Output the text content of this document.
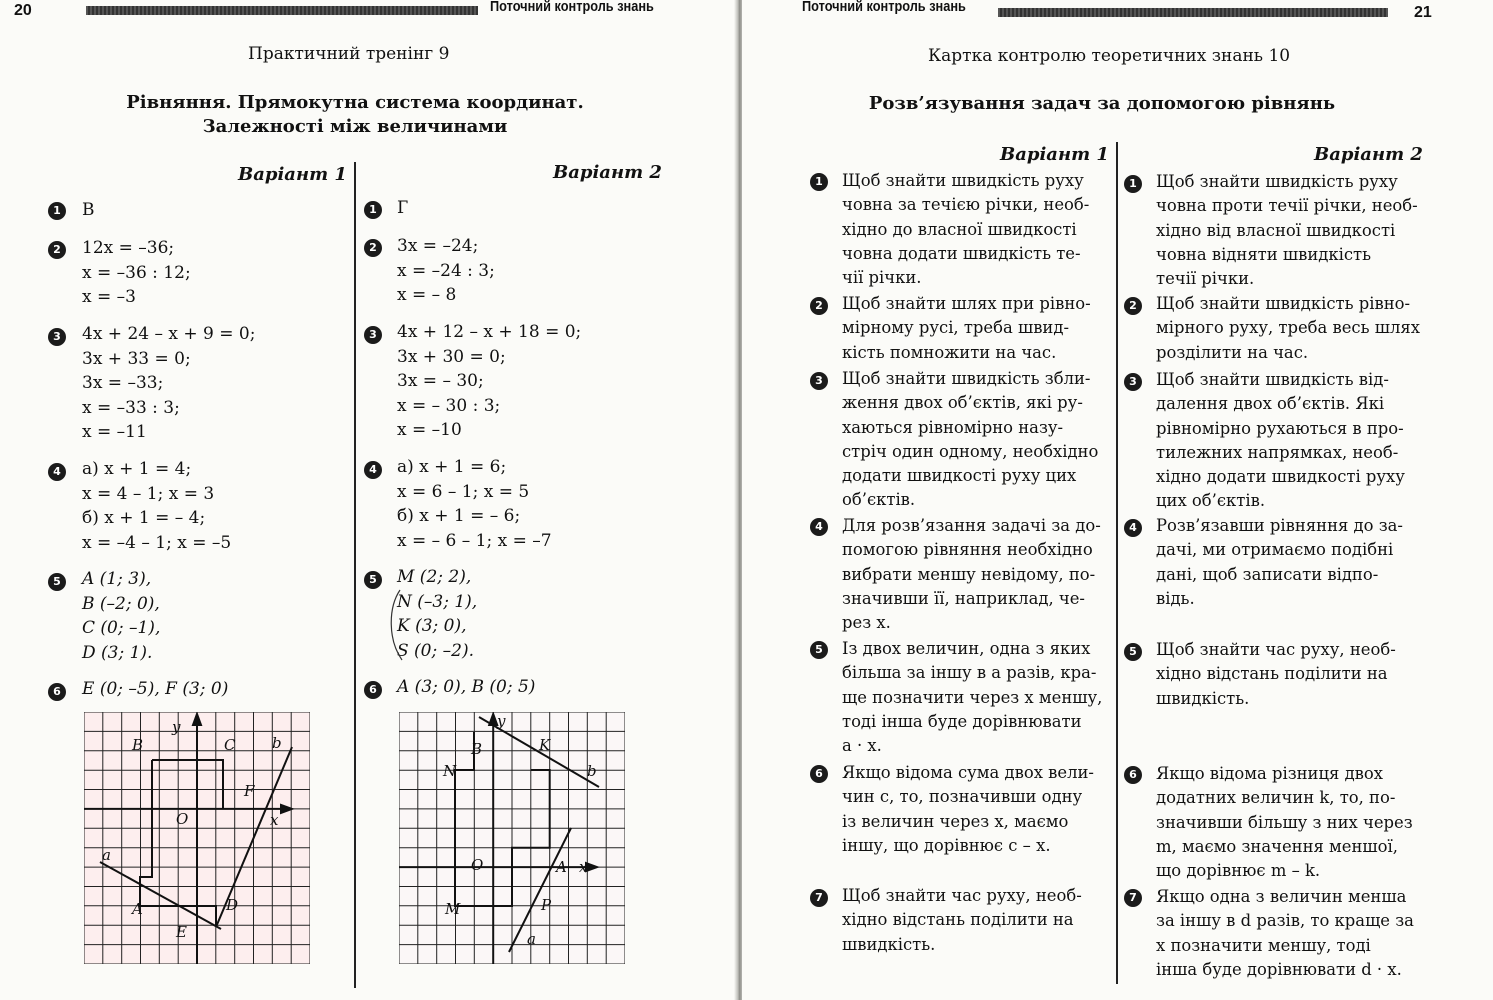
20	Поточний контроль знань
Практичний тренінг 9
Рівняння. Прямокутна система координат.
Залежності між величинами
Варіант 1	Варіант 2
1	В
2	12x = –36;
x = –36 : 12;
x = –3
3	4x + 24 – x + 9 = 0;
3x + 33 = 0;
3x = –33;
x = –33 : 3;
x = –11
4	а) x + 1 = 4;
x = 4 – 1; x = 3
б) x + 1 = – 4;
x = –4 – 1; x = –5
5	A (1; 3),
B (–2; 0),
C (0; –1),
D (3; 1).
6	E (0; –5), F (3; 0)
y
x
O
b
a
B	C
F
A	D
E
1	Г
2	3x = –24;
x = –24 : 3;
x = – 8
3	4x + 12 – x + 18 = 0;
3x + 30 = 0;
3x = – 30;
x = – 30 : 3;
x = –10
4	а) x + 1 = 6;
x = 6 – 1; x = 5
б) x + 1 = – 6;
x = – 6 – 1; x = –7
5	M (2; 2),
N (–3; 1),
K (3; 0),
S (0; –2).
6	A (3; 0), B (0; 5)
y
x
O
b
a
B	K
N
A
M	P
Поточний контроль знань	21
Картка контролю теоретичних знань 10
Розв’язування задач за допомогою рівнянь
Варіант 1	Варіант 2
1	Щоб знайти швидкість руху
човна за течією річки, необ-
хідно до власної швидкості
човна додати швидкість те-
чії річки.
2	Щоб знайти шлях при рівно-
мірному русі, треба швид-
кість помножити на час.
3	Щоб знайти швидкість збли-
ження двох об’єктів, які ру-
хаються рівномірно назу-
стріч один одному, необхідно
додати швидкості руху цих
об’єктів.
4	Для розв’язання задачі за до-
помогою рівняння необхідно
вибрати меншу невідому, по-
значивши її, наприклад, че-
рез x.
5	Із двох величин, одна з яких
більша за іншу в а разів, кра-
ще позначити через x меншу,
тоді інша буде дорівнювати
a · x.
6	Якщо відома сума двох вели-
чин c, то, позначивши одну
із величин через x, маємо
іншу, що дорівнює c – x.
7	Щоб знайти час руху, необ-
хідно відстань поділити на
швидкість.
1	Щоб знайти швидкість руху
човна проти течії річки, необ-
хідно від власної швидкості
човна відняти швидкість
течії річки.
2	Щоб знайти швидкість рівно-
мірного руху, треба весь шлях
розділити на час.
3	Щоб знайти швидкість від-
далення двох об’єктів. Які
рівномірно рухаються в про-
тилежних напрямках, необ-
хідно додати швидкості руху
цих об’єктів.
4	Розв’язавши рівняння до за-
дачі, ми отримаємо подібні
дані, щоб записати відпо-
відь.
5	Щоб знайти час руху, необ-
хідно відстань поділити на
швидкість.
6	Якщо відома різниця двох
додатних величин k, то, по-
значивши більшу з них через
m, маємо значення меншої,
що дорівнює m – k.
7	Якщо одна з величин менша
за іншу в d разів, то краще за
x позначити меншу, тоді
інша буде дорівнювати d · x.
